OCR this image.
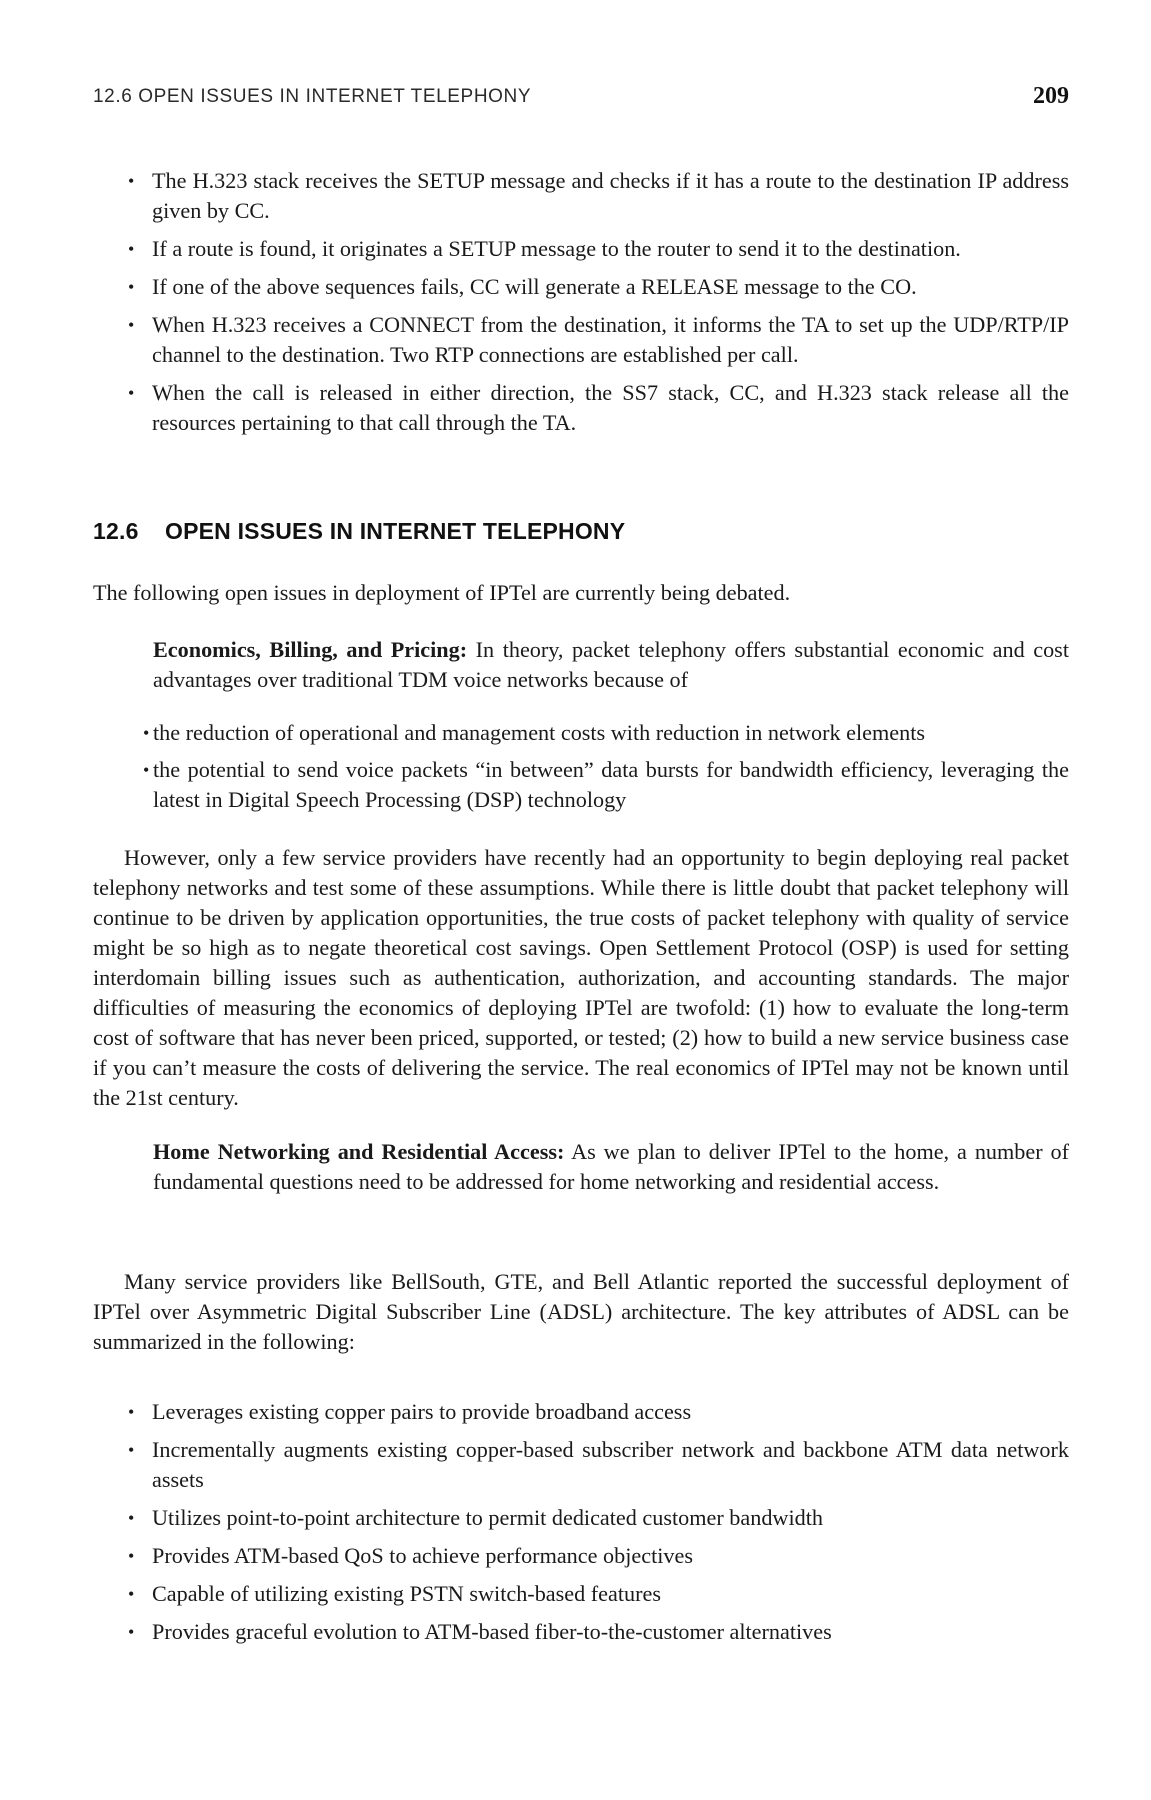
12.6 OPEN ISSUES IN INTERNET TELEPHONY	209
• The H.323 stack receives the SETUP message and checks if it has a route to the destination IP address given by CC.
• If a route is found, it originates a SETUP message to the router to send it to the destination.
• If one of the above sequences fails, CC will generate a RELEASE message to the CO.
• When H.323 receives a CONNECT from the destination, it informs the TA to set up the UDP/RTP/IP channel to the destination. Two RTP connections are established per call.
• When the call is released in either direction, the SS7 stack, CC, and H.323 stack release all the resources pertaining to that call through the TA.
12.6 OPEN ISSUES IN INTERNET TELEPHONY

The following open issues in deployment of IPTel are currently being debated.

Economics, Billing, and Pricing: In theory, packet telephony offers substantial economic and cost advantages over traditional TDM voice networks because of

• the reduction of operational and management costs with reduction in network elements
• the potential to send voice packets “in between” data bursts for bandwidth efficiency, leveraging the latest in Digital Speech Processing (DSP) technology

However, only a few service providers have recently had an opportunity to begin deploying real packet telephony networks and test some of these assumptions. While there is little doubt that packet telephony will continue to be driven by application opportunities, the true costs of packet telephony with quality of service might be so high as to negate theoretical cost savings. Open Settlement Protocol (OSP) is used for setting interdomain billing issues such as authentication, authorization, and accounting standards. The major difficulties of measuring the economics of deploying IPTel are twofold: (1) how to evaluate the long-term cost of software that has never been priced, supported, or tested; (2) how to build a new service business case if you can’t measure the costs of delivering the service. The real economics of IPTel may not be known until the 21st century.

Home Networking and Residential Access: As we plan to deliver IPTel to the home, a number of fundamental questions need to be addressed for home networking and residential access.

Many service providers like BellSouth, GTE, and Bell Atlantic reported the successful deployment of IPTel over Asymmetric Digital Subscriber Line (ADSL) architecture. The key attributes of ADSL can be summarized in the following:

• Leverages existing copper pairs to provide broadband access
• Incrementally augments existing copper-based subscriber network and backbone ATM data network assets
• Utilizes point-to-point architecture to permit dedicated customer bandwidth
• Provides ATM-based QoS to achieve performance objectives
• Capable of utilizing existing PSTN switch-based features
• Provides graceful evolution to ATM-based fiber-to-the-customer alternatives
